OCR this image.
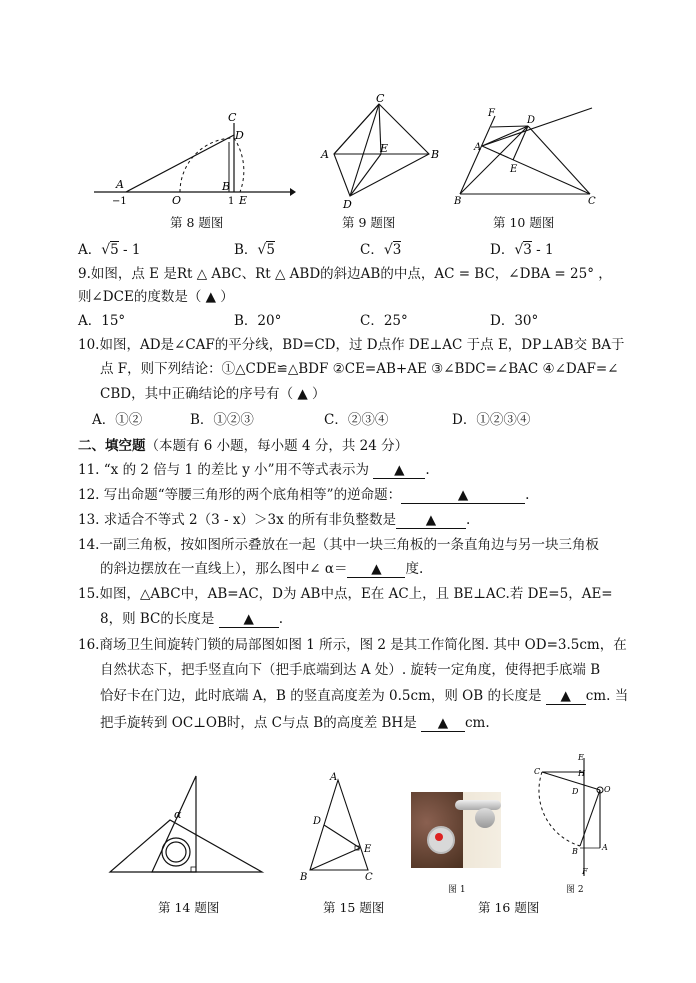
A
−1	O
B
1 E
C
D
第 8 题图
A
C
B
D
E
第 9 题图
F
D
A
E
B	C
第 10 题图
A．√5 - 1	B．√5	C．√3	D．√3 - 1
9.如图，点 E 是Rt △ ABC、Rt △ ABD的斜边AB的中点，AC = BC，∠DBA = 25° ，
则∠DCE的度数是（ ▲ ）
A．15°	B．20°	C．25°	D．30°
10.如图，AD是∠CAF的平分线，BD=CD，过 D点作 DE⊥AC 于点 E，DP⊥AB交 BA于
点 F，则下列结论：①△CDE≌△BDF ②CE=AB+AE ③∠BDC=∠BAC ④∠DAF=∠
CBD，其中正确结论的序号有（ ▲ ）
A．①②	B．①②③	C．②③④	D．①②③④
二、填空题（本题有 6 小题，每小题 4 分，共 24 分）
11. “x 的 2 倍与 1 的差比 y 小”用不等式表示为 ▲ .
12. 写出命题“等腰三角形的两个底角相等”的逆命题：	▲	.
13. 求适合不等式 2（3 - x）＞3x 的所有非负整数是 ▲ .
14.一副三角板，按如图所示叠放在一起（其中一块三角板的一条直角边与另一块三角板
的斜边摆放在一直线上），那么图中∠ α＝ ▲ 度.
15.如图，△ABC中，AB=AC，D为 AB中点，E在 AC上，且 BE⊥AC.若 DE=5，AE=
8，则 BC的长度是 ▲ .
16.商场卫生间旋转门锁的局部图如图 1 所示，图 2 是其工作简化图. 其中 OD=3.5cm，在
自然状态下，把手竖直向下（把手底端到达 A 处）. 旋转一定角度，使得把手底端 B
恰好卡在门边，此时底端 A，B 的竖直高度差为 0.5cm，则 OB 的长度是 ▲ cm. 当
把手旋转到 OC⊥OB时，点 C与点 B的高度差 BH是 ▲ cm.
α
第 14 题图
A
D
E
B	C
第 15 题图
图 1
E
H
C
D	O
B	A
F
图 2
第 16 题图
